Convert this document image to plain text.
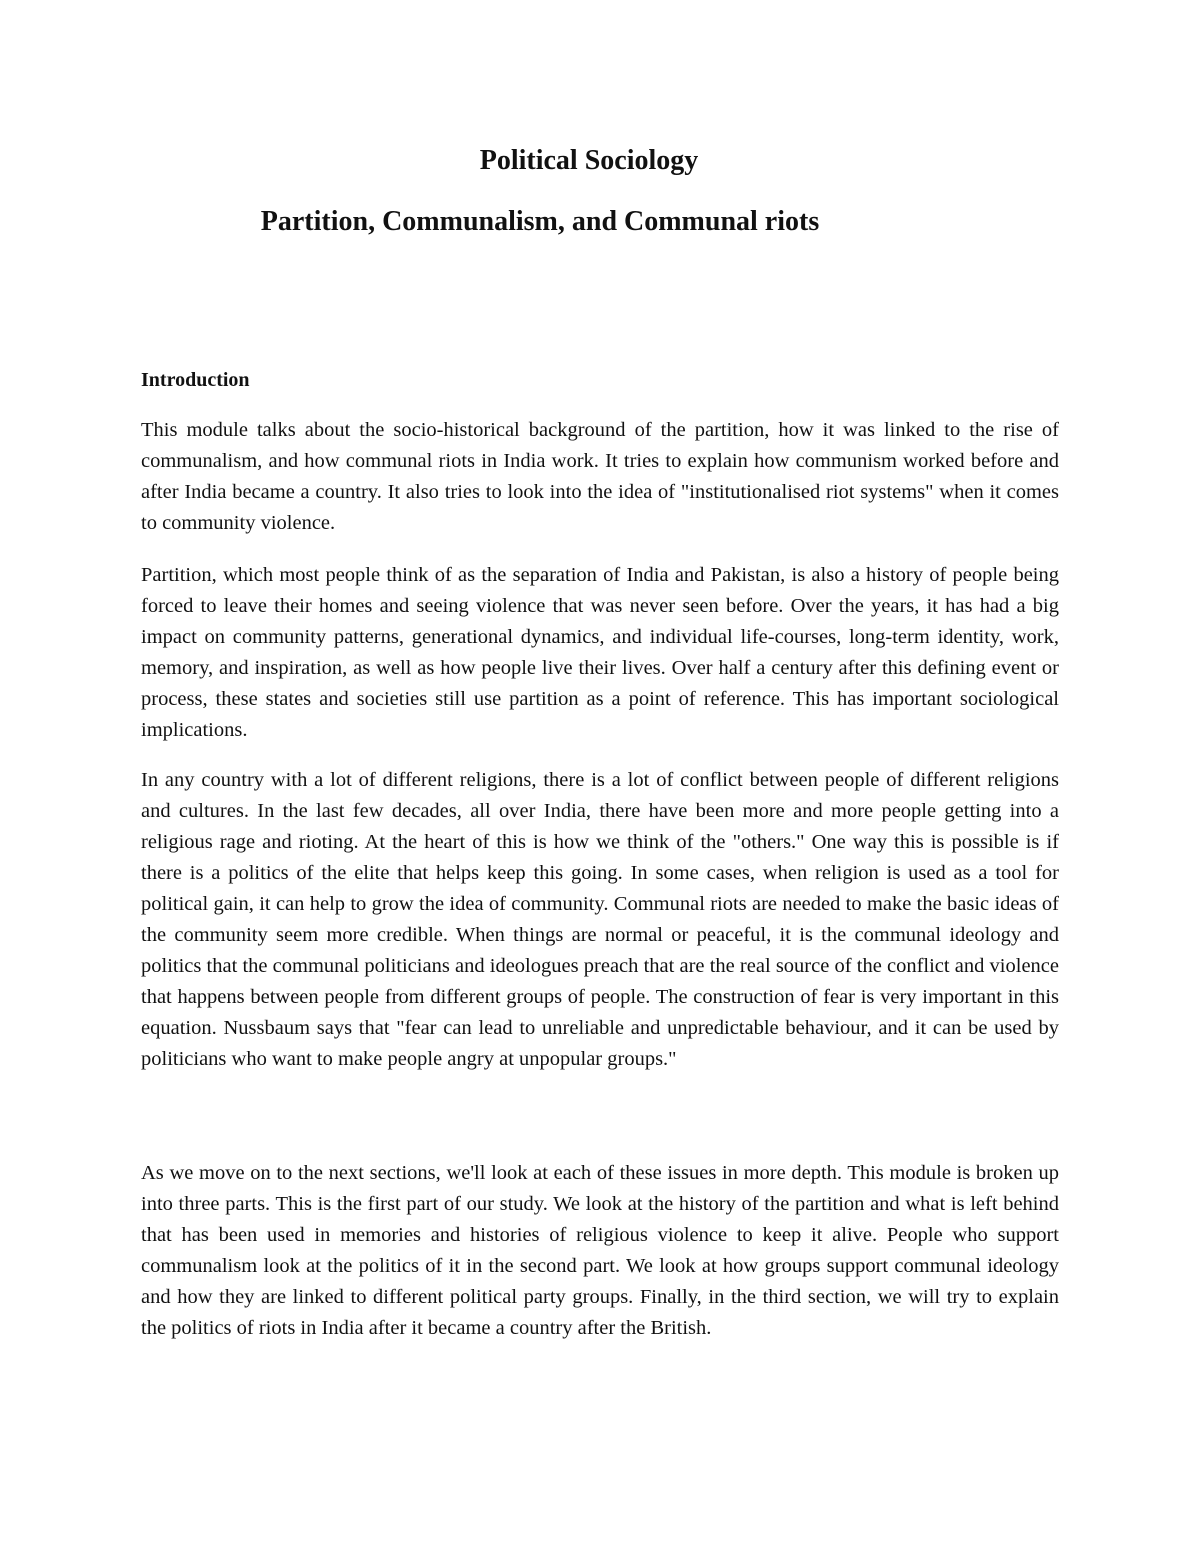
Political Sociology
Partition, Communalism, and Communal riots
Introduction

This module talks about the socio-historical background of the partition, how it was linked to the rise of communalism, and how communal riots in India work. It tries to explain how communism worked before and after India became a country. It also tries to look into the idea of "institutionalised riot systems" when it comes to community violence.

Partition, which most people think of as the separation of India and Pakistan, is also a history of people being forced to leave their homes and seeing violence that was never seen before. Over the years, it has had a big impact on community patterns, generational dynamics, and individual life-courses, long-term identity, work, memory, and inspiration, as well as how people live their lives. Over half a century after this defining event or process, these states and societies still use partition as a point of reference. This has important sociological implications.

In any country with a lot of different religions, there is a lot of conflict between people of different religions and cultures. In the last few decades, all over India, there have been more and more people getting into a religious rage and rioting. At the heart of this is how we think of the "others." One way this is possible is if there is a politics of the elite that helps keep this going. In some cases, when religion is used as a tool for political gain, it can help to grow the idea of community. Communal riots are needed to make the basic ideas of the community seem more credible. When things are normal or peaceful, it is the communal ideology and politics that the communal politicians and ideologues preach that are the real source of the conflict and violence that happens between people from different groups of people. The construction of fear is very important in this equation. Nussbaum says that "fear can lead to unreliable and unpredictable behaviour, and it can be used by politicians who want to make people angry at unpopular groups."

As we move on to the next sections, we'll look at each of these issues in more depth. This module is broken up into three parts. This is the first part of our study. We look at the history of the partition and what is left behind that has been used in memories and histories of religious violence to keep it alive. People who support communalism look at the politics of it in the second part. We look at how groups support communal ideology and how they are linked to different political party groups. Finally, in the third section, we will try to explain the politics of riots in India after it became a country after the British.
